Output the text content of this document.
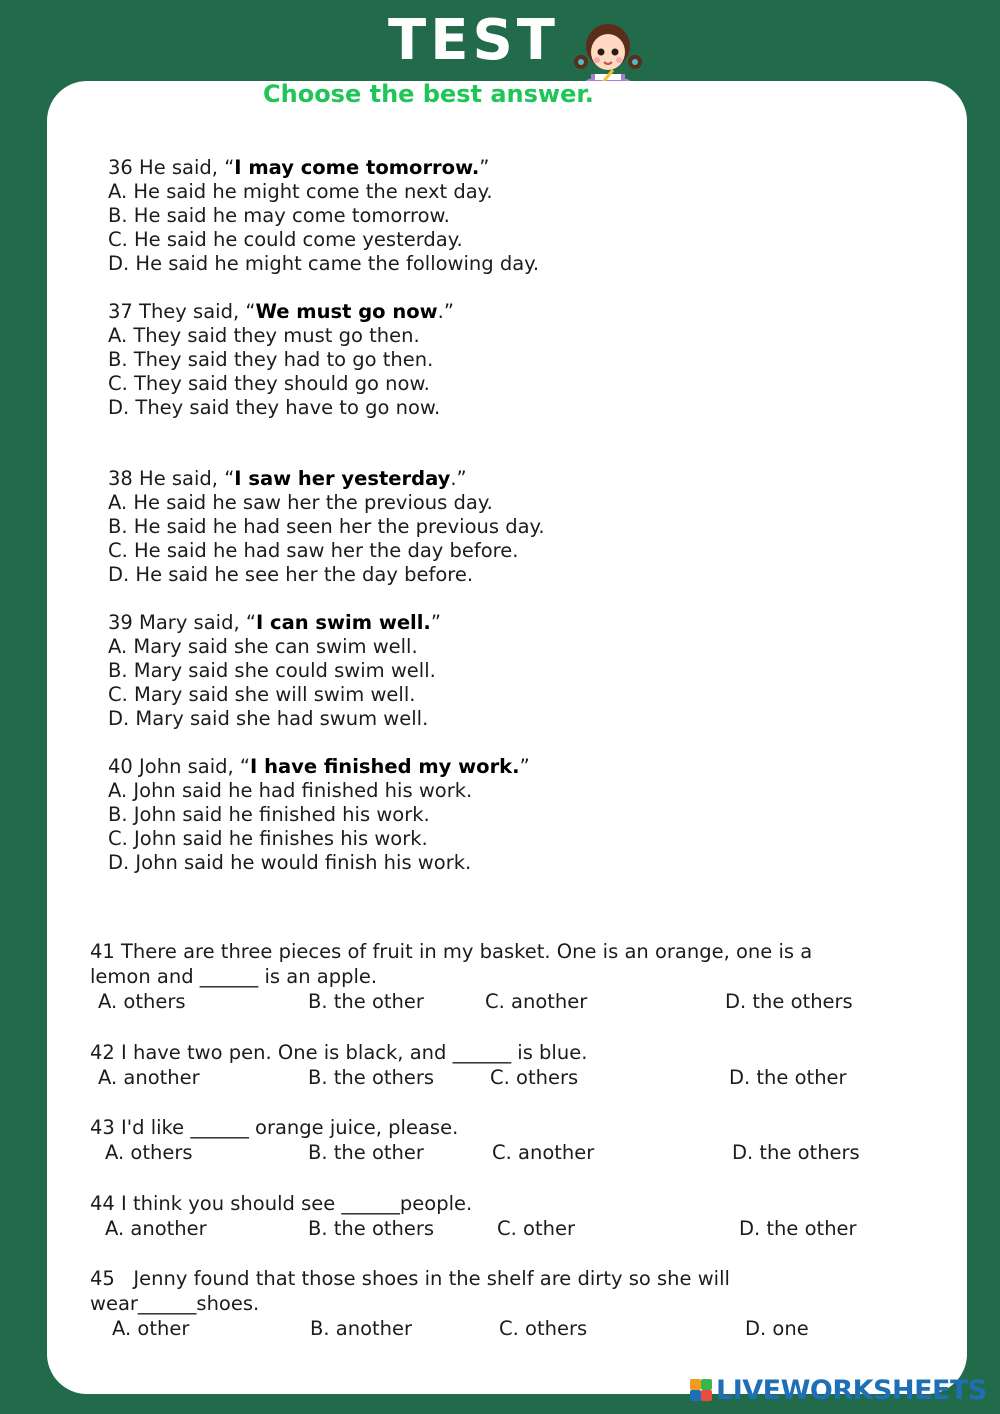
TEST
Choose the best answer.
36 He said, “I may come tomorrow.”
A. He said he might come the next day.
B. He said he may come tomorrow.
C. He said he could come yesterday.
D. He said he might came the following day.
37 They said, “We must go now.”
A. They said they must go then.
B. They said they had to go then.
C. They said they should go now.
D. They said they have to go now.
38 He said, “I saw her yesterday.”
A. He said he saw her the previous day.
B. He said he had seen her the previous day.
C. He said he had saw her the day before.
D. He said he see her the day before.
39 Mary said, “I can swim well.”
A. Mary said she can swim well.
B. Mary said she could swim well.
C. Mary said she will swim well.
D. Mary said she had swum well.
40 John said, “I have finished my work.”
A. John said he had finished his work.
B. John said he finished his work.
C. John said he finishes his work.
D. John said he would finish his work.
41 There are three pieces of fruit in my basket. One is an orange, one is a
lemon and ______ is an apple.
A. others	B. the other	C. another	D. the others
42 I have two pen. One is black, and ______ is blue.
A. another	B. the others	C. others	D. the other
43 I'd like ______ orange juice, please.
A. others	B. the other	C. another	D. the others
44 I think you should see ______people.
A. another	B. the others	C. other	D. the other
45   Jenny found that those shoes in the shelf are dirty so she will
wear______shoes.
A. other	B. another	C. others	D. one
LIVEWORKSHEETS
